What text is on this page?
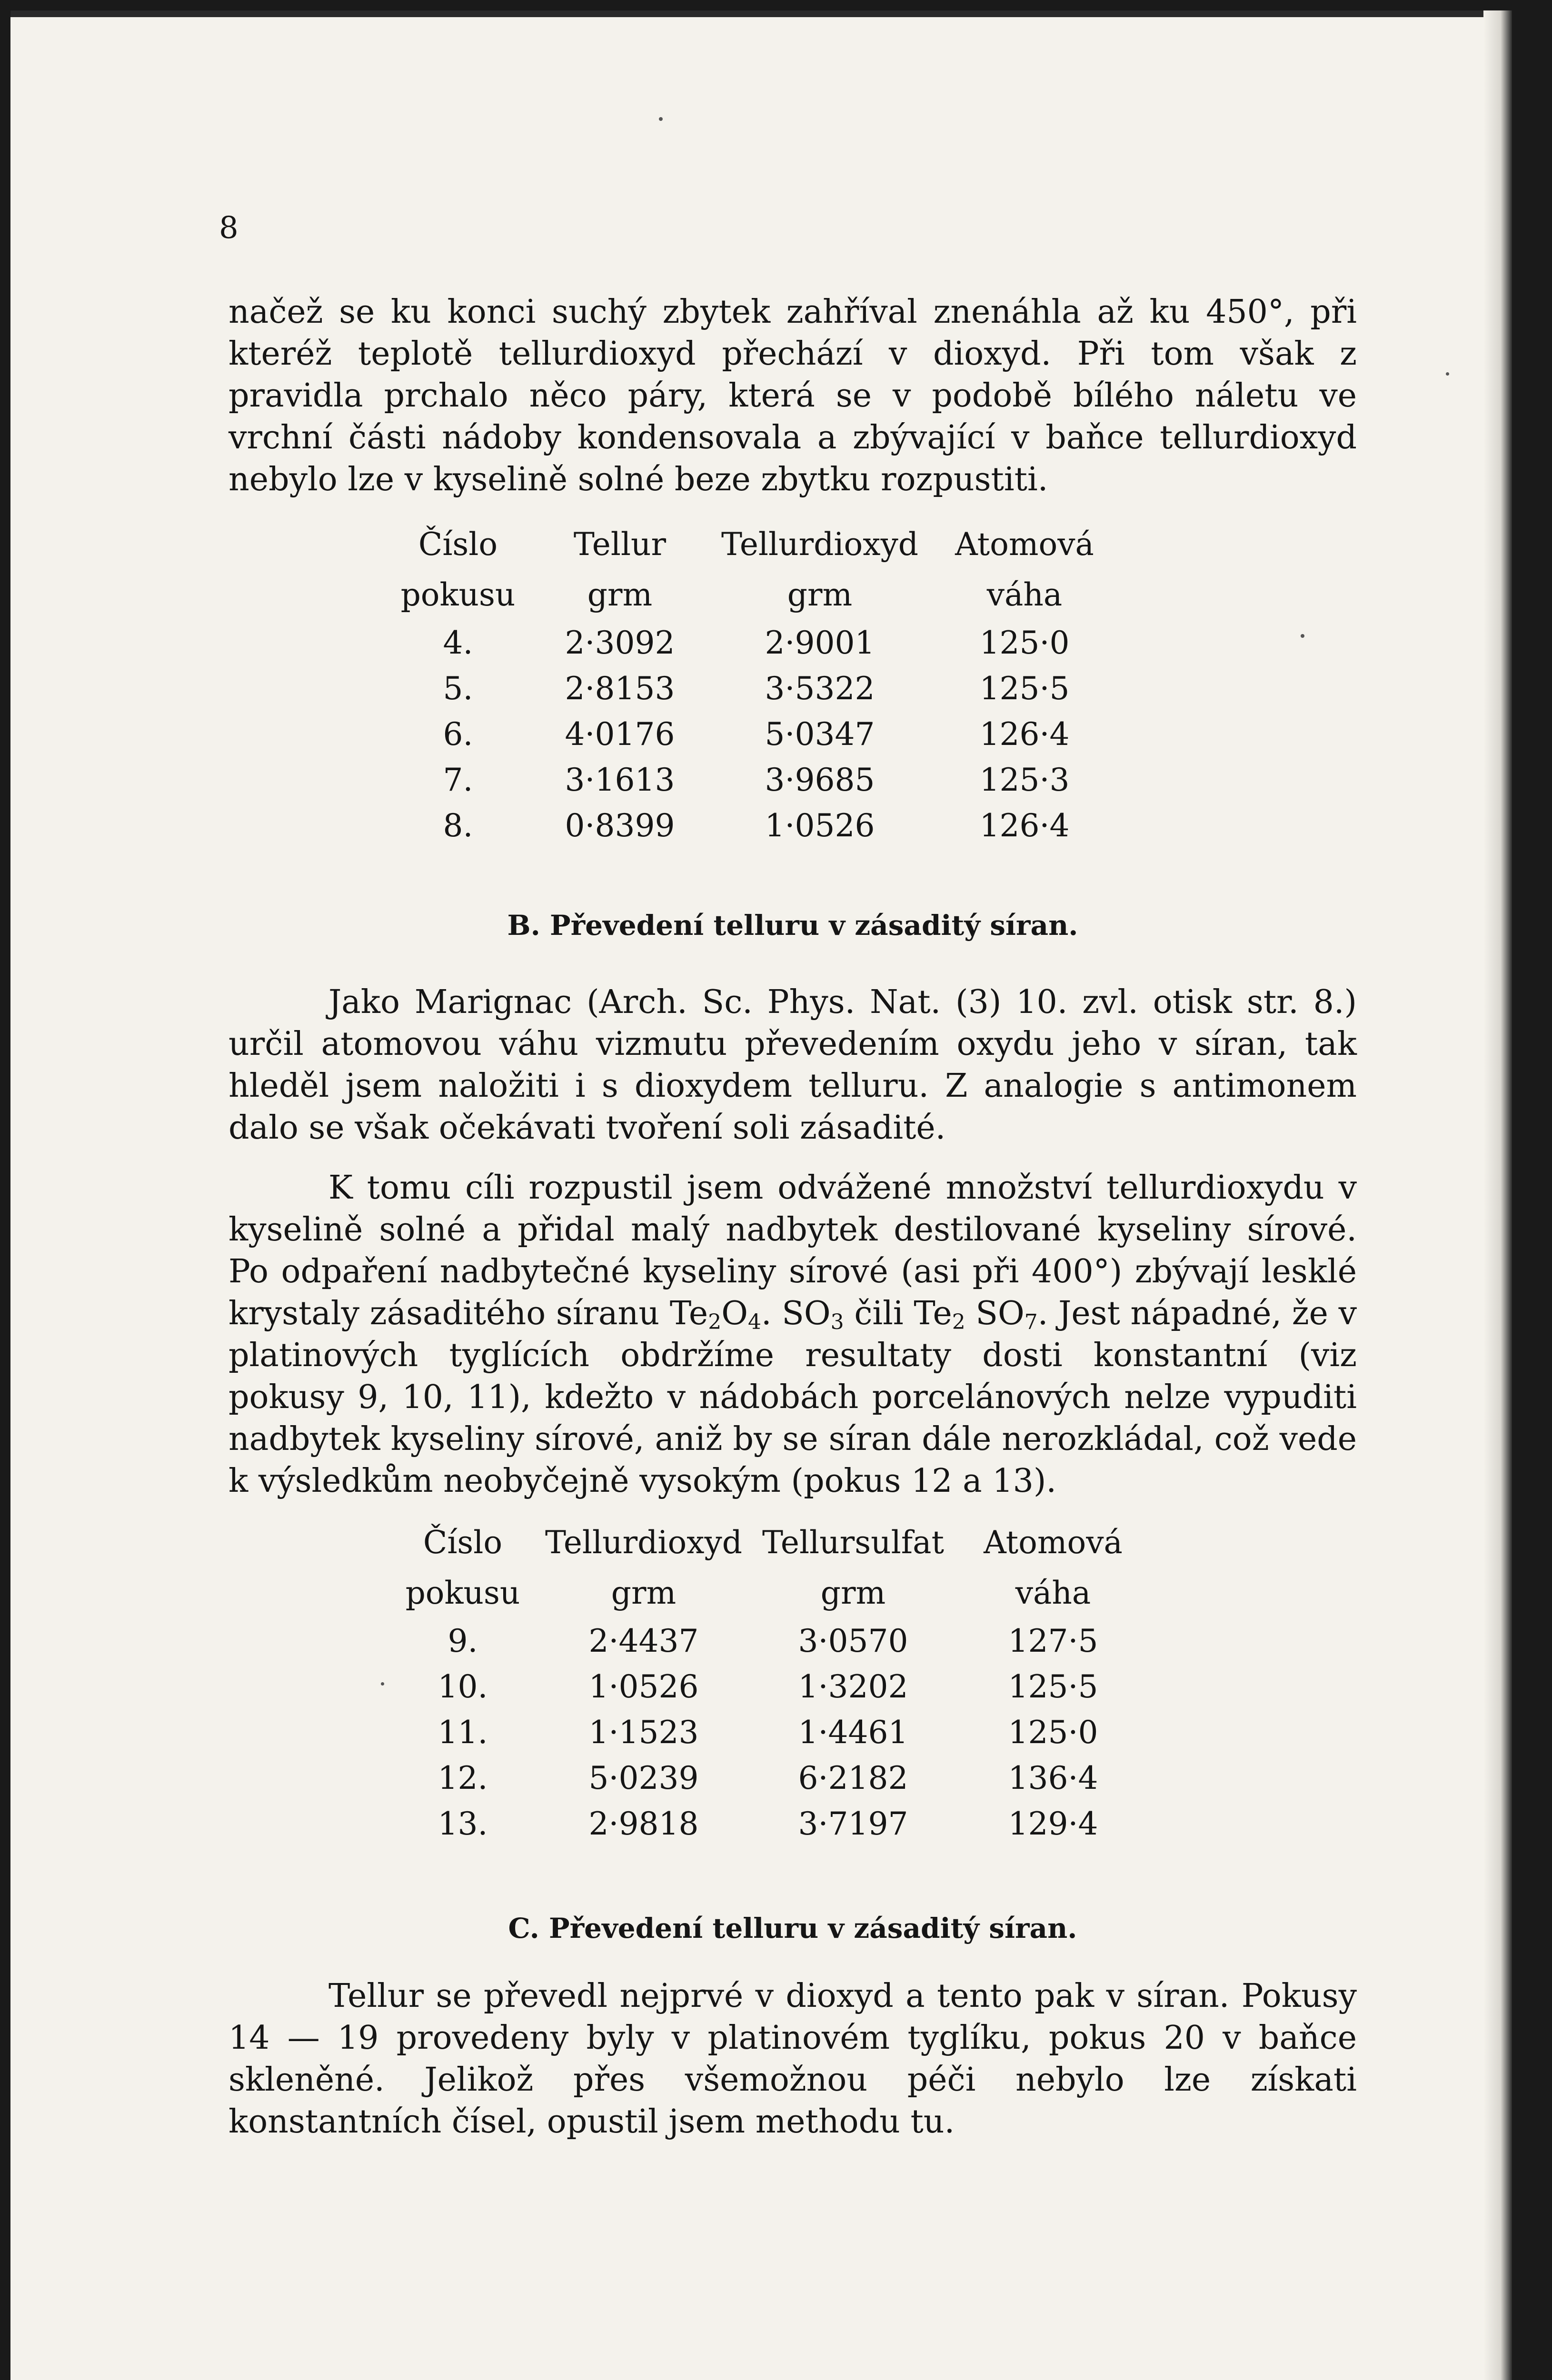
8

načež se ku konci suchý zbytek zahříval znenáhla až ku 450°, při kteréž teplotě tellurdioxyd přechází v dioxyd. Při tom však z pravidla prchalo něco páry, která se v podobě bílého náletu ve vrchní části nádoby kondensovala a zbývající v baňce tellurdioxyd nebylo lze v kyselině solné beze zbytku rozpustiti.

Číslo	Tellur	Tellurdioxyd	Atomová
pokusu	grm	grm	váha
4.	2·3092	2·9001	125·0
5.	2·8153	3·5322	125·5
6.	4·0176	5·0347	126·4
7.	3·1613	3·9685	125·3
8.	0·8399	1·0526	126·4

B. Převedení telluru v zásaditý síran.

Jako Marignac (Arch. Sc. Phys. Nat. (3) 10. zvl. otisk str. 8.) určil atomovou váhu vizmutu převedením oxydu jeho v síran, tak hleděl jsem naložiti i s dioxydem telluru. Z analogie s antimonem dalo se však očekávati tvoření soli zásadité.

K tomu cíli rozpustil jsem odvážené množství tellurdioxydu v kyselině solné a přidal malý nadbytek destilované kyseliny sírové. Po odpaření nadbytečné kyseliny sírové (asi při 400°) zbývají lesklé krystaly zásaditého síranu $Te_2O_4$. $SO_3$ čili $Te_2$ $SO_7$. Jest nápadné, že v platinových tyglících obdržíme resultaty dosti konstantní (viz pokusy 9, 10, 11), kdežto v nádobách porcelánových nelze vypuditi nadbytek kyseliny sírové, aniž by se síran dále nerozkládal, což vede k výsledkům neobyčejně vysokým (pokus 12 a 13).

Číslo	Tellurdioxyd	Tellursulfat	Atomová
pokusu	grm	grm	váha
9.	2·4437	3·0570	127·5
10.	1·0526	1·3202	125·5
11.	1·1523	1·4461	125·0
12.	5·0239	6·2182	136·4
13.	2·9818	3·7197	129·4

C. Převedení telluru v zásaditý síran.

Tellur se převedl nejprvé v dioxyd a tento pak v síran. Pokusy 14 — 19 provedeny byly v platinovém tyglíku, pokus 20 v baňce skleněné. Jelikož přes všemožnou péči nebylo lze získati konstantních čísel, opustil jsem methodu tu.
